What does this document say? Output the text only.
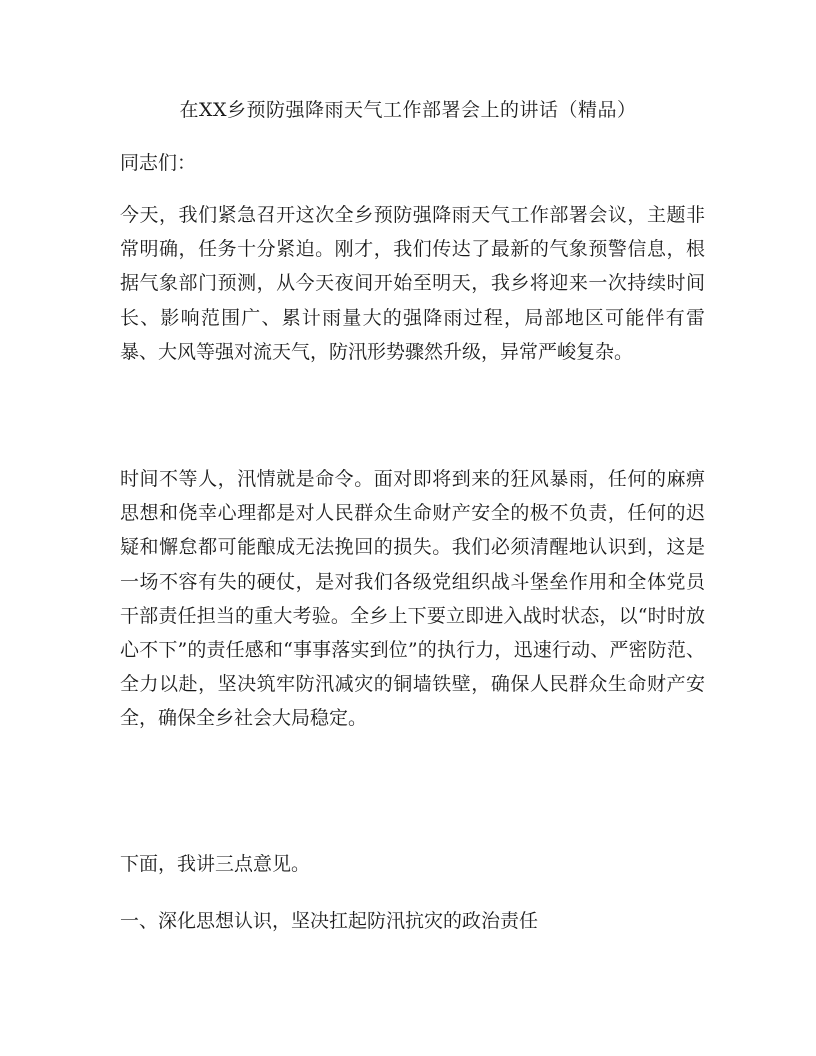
在XX乡预防强降雨天气工作部署会上的讲话（精品）

同志们：

今天，我们紧急召开这次全乡预防强降雨天气工作部署会议，主题非常明确，任务十分紧迫。刚才，我们传达了最新的气象预警信息，根据气象部门预测，从今天夜间开始至明天，我乡将迎来一次持续时间长、影响范围广、累计雨量大的强降雨过程，局部地区可能伴有雷暴、大风等强对流天气，防汛形势骤然升级，异常严峻复杂。

时间不等人，汛情就是命令。面对即将到来的狂风暴雨，任何的麻痹思想和侥幸心理都是对人民群众生命财产安全的极不负责，任何的迟疑和懈怠都可能酿成无法挽回的损失。我们必须清醒地认识到，这是一场不容有失的硬仗，是对我们各级党组织战斗堡垒作用和全体党员干部责任担当的重大考验。全乡上下要立即进入战时状态，以“时时放心不下”的责任感和“事事落实到位”的执行力，迅速行动、严密防范、全力以赴，坚决筑牢防汛减灾的铜墙铁壁，确保人民群众生命财产安全，确保全乡社会大局稳定。

下面，我讲三点意见。

一、深化思想认识，坚决扛起防汛抗灾的政治责任
